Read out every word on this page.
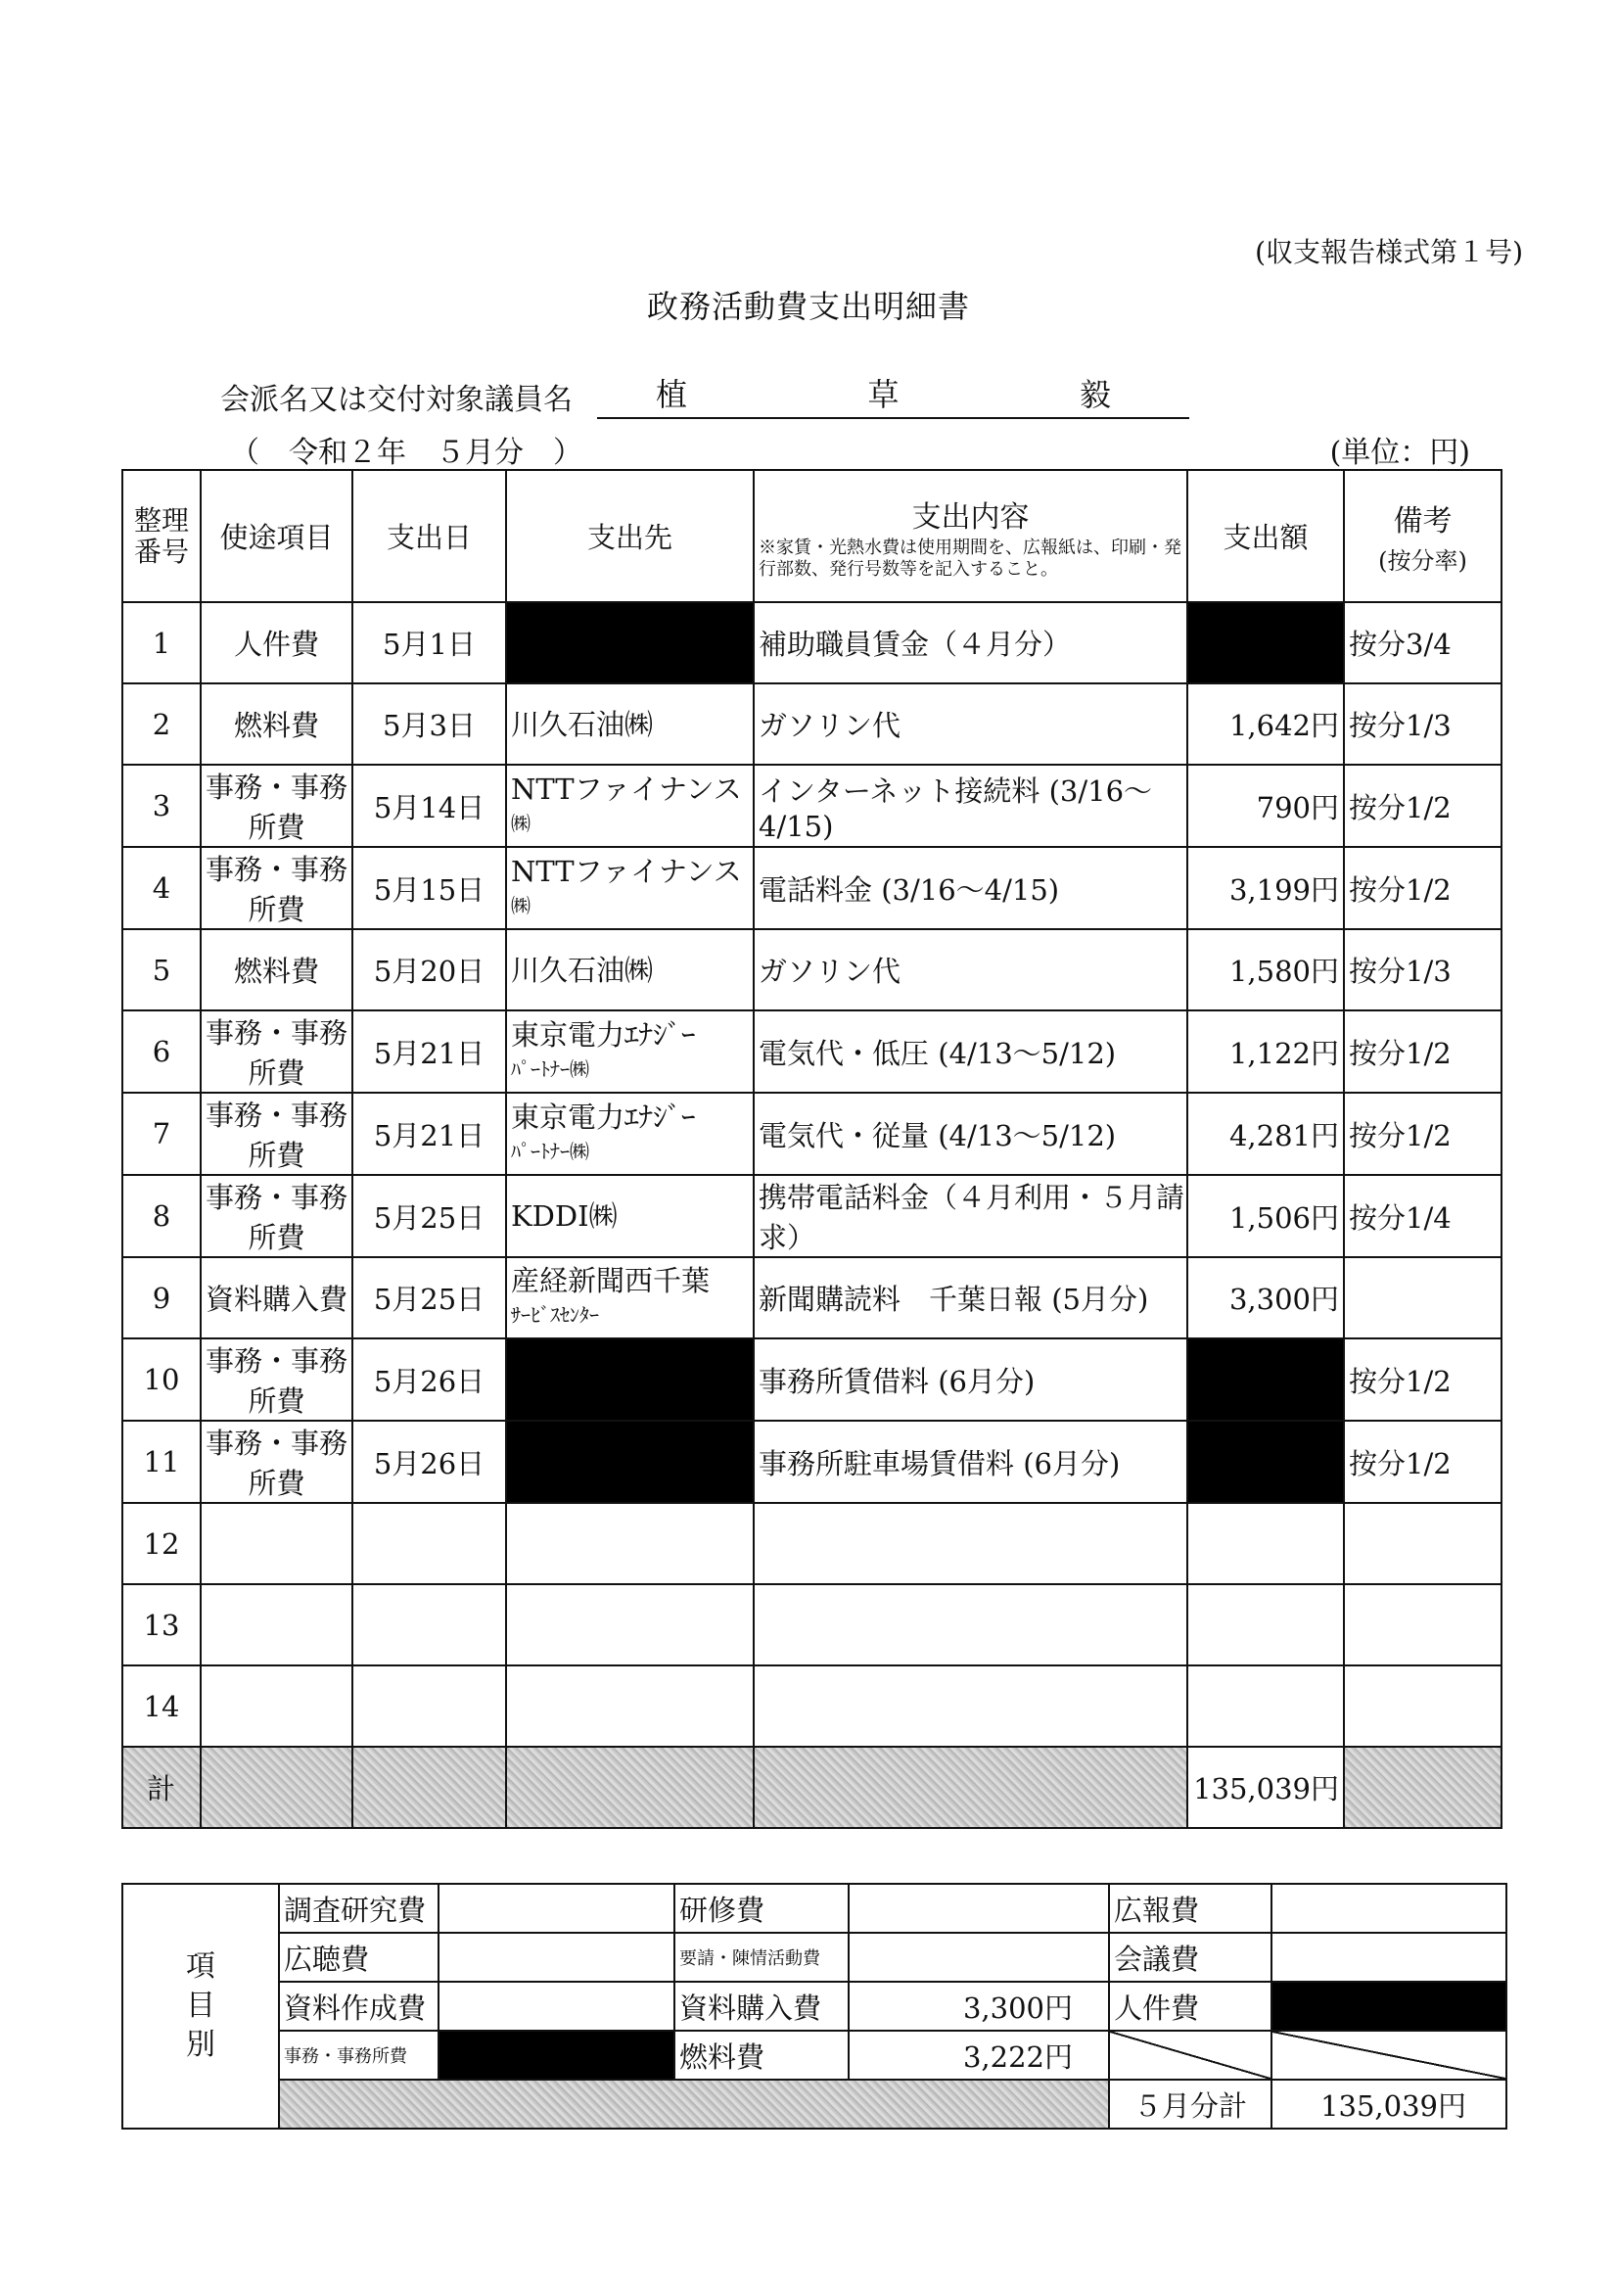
(収支報告様式第１号)
政務活動費支出明細書
会派名又は交付対象議員名	植	草	毅
（　令和２年　５月分　）	(単位：円)
整理番号	使途項目	支出日	支出先	支出内容
※家賃・光熱水費は使用期間を、広報紙は、印刷・発行部数、発行号数等を記入すること。	支出額	備考
(按分率)

1	人件費	5月1日		補助職員賃金（４月分）		按分3/4
2	燃料費	5月3日	川久石油㈱	ガソリン代	1,642円	按分1/3
3	事務・事務所費	5月14日	NTTファイナンス
㈱	インターネット接続料 (3/16～4/15)	790円	按分1/2
4	事務・事務所費	5月15日	NTTファイナンス
㈱	電話料金 (3/16～4/15)	3,199円	按分1/2
5	燃料費	5月20日	川久石油㈱	ガソリン代	1,580円	按分1/3
6	事務・事務所費	5月21日	東京電力ｴﾅｼﾞｰ
ﾊﾟｰﾄﾅｰ㈱	電気代・低圧 (4/13～5/12)	1,122円	按分1/2
7	事務・事務所費	5月21日	東京電力ｴﾅｼﾞｰ
ﾊﾟｰﾄﾅｰ㈱	電気代・従量 (4/13～5/12)	4,281円	按分1/2
8	事務・事務所費	5月25日	KDDI㈱	携帯電話料金（４月利用・５月請求）	1,506円	按分1/4
9	資料購入費	5月25日	産経新聞西千葉
ｻｰﾋﾞｽｾﾝﾀｰ	新聞購読料　千葉日報 (5月分)	3,300円	
10	事務・事務所費	5月26日		事務所賃借料 (6月分)		按分1/2
11	事務・事務所費	5月26日		事務所駐車場賃借料 (6月分)		按分1/2
12						
13						
14						
計					135,039円	
項
目
別	調査研究費		研修費		広報費	
	広聴費		要請・陳情活動費		会議費	
	資料作成費		資料購入費	3,300円	人件費	
	事務・事務所費		燃料費	3,222円		
					５月分計	135,039円
